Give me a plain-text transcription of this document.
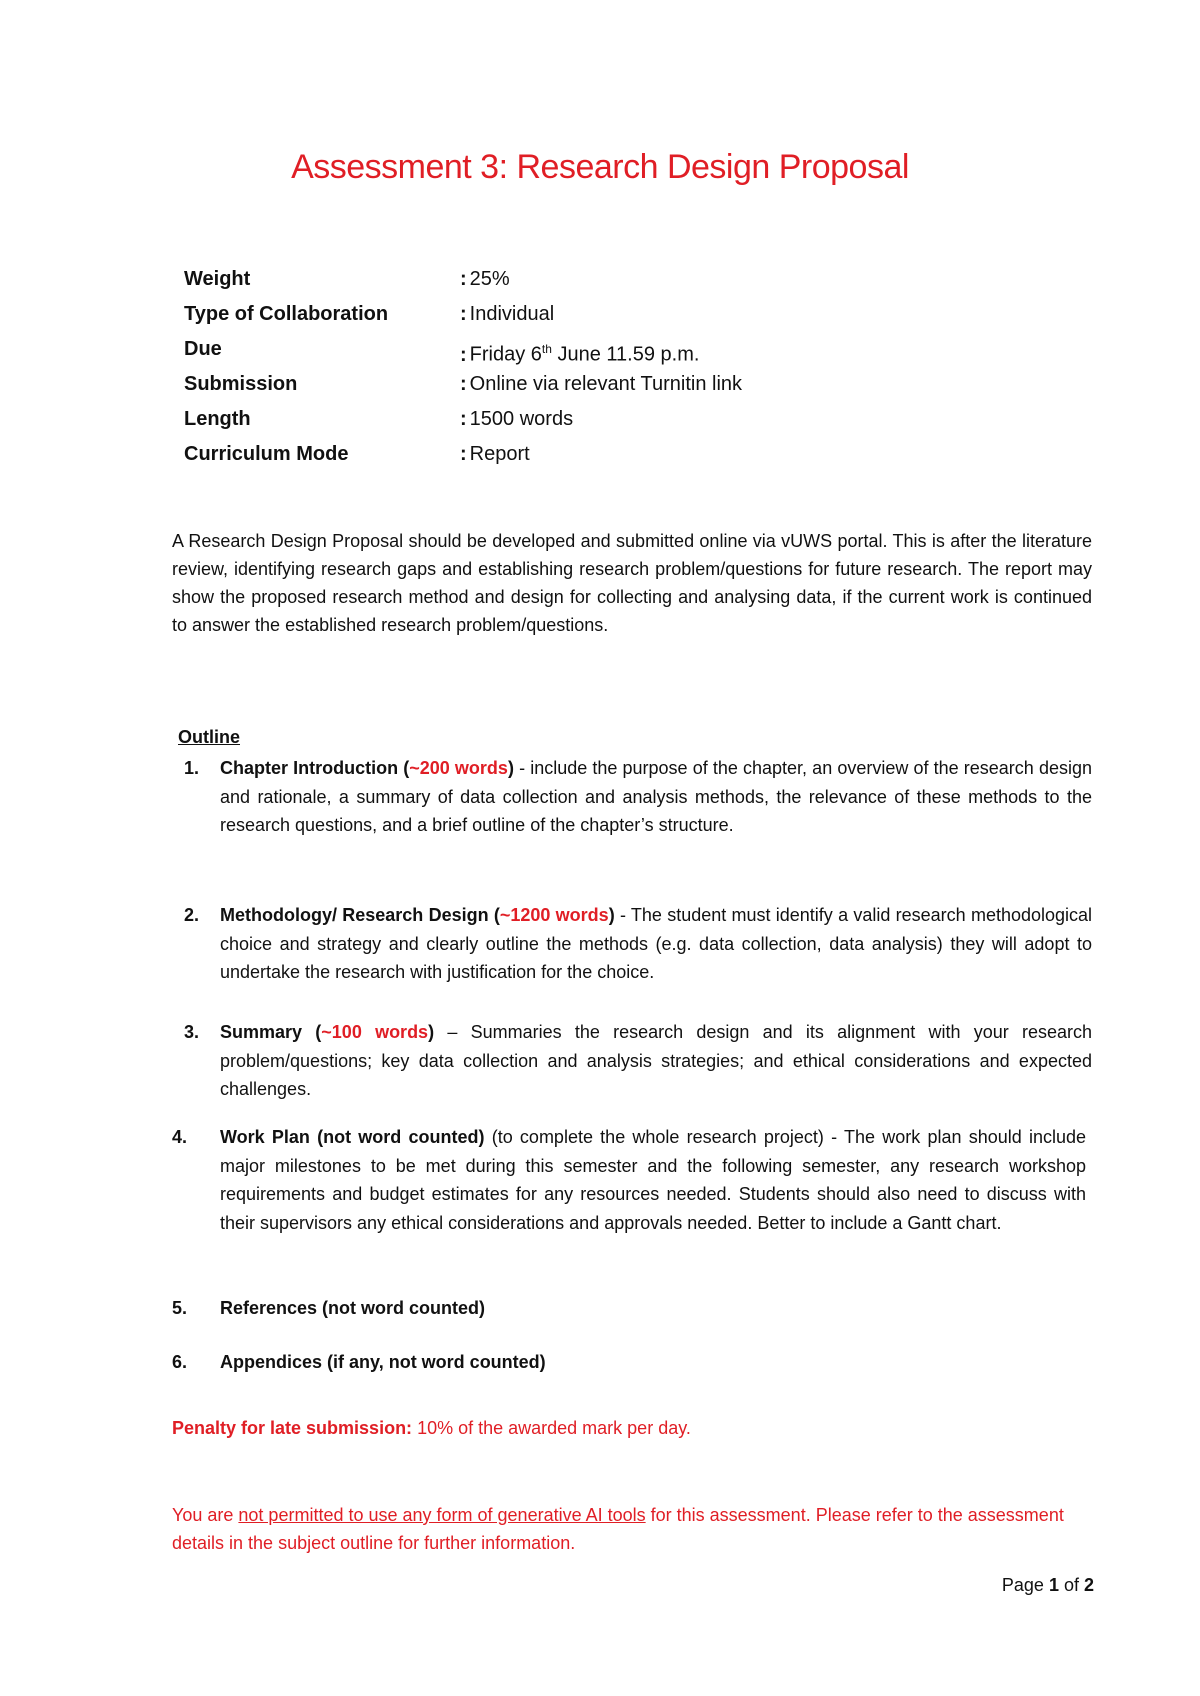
Assessment 3: Research Design Proposal
Weight	: 25%
Type of Collaboration	: Individual
Due	: Friday 6th June 11.59 p.m.
Submission	: Online via relevant Turnitin link
Length	: 1500 words
Curriculum Mode	: Report

A Research Design Proposal should be developed and submitted online via vUWS portal. This is after the literature review, identifying research gaps and establishing research problem/questions for future research. The report may show the proposed research method and design for collecting and analysing data, if the current work is continued to answer the established research problem/questions.

Outline

1. Chapter Introduction (~200 words) - include the purpose of the chapter, an overview of the research design and rationale, a summary of data collection and analysis methods, the relevance of these methods to the research questions, and a brief outline of the chapter’s structure.
2. Methodology/ Research Design (~1200 words) - The student must identify a valid research methodological choice and strategy and clearly outline the methods (e.g. data collection, data analysis) they will adopt to undertake the research with justification for the choice.
3. Summary (~100 words) – Summaries the research design and its alignment with your research problem/questions; key data collection and analysis strategies; and ethical considerations and expected challenges.
4. Work Plan (not word counted) (to complete the whole research project) - The work plan should include major milestones to be met during this semester and the following semester, any research workshop requirements and budget estimates for any resources needed. Students should also need to discuss with their supervisors any ethical considerations and approvals needed. Better to include a Gantt chart.
5. References (not word counted)
6. Appendices (if any, not word counted)

Penalty for late submission: 10% of the awarded mark per day.

You are not permitted to use any form of generative AI tools for this assessment. Please refer to the assessment details in the subject outline for further information.

Page 1 of 2
